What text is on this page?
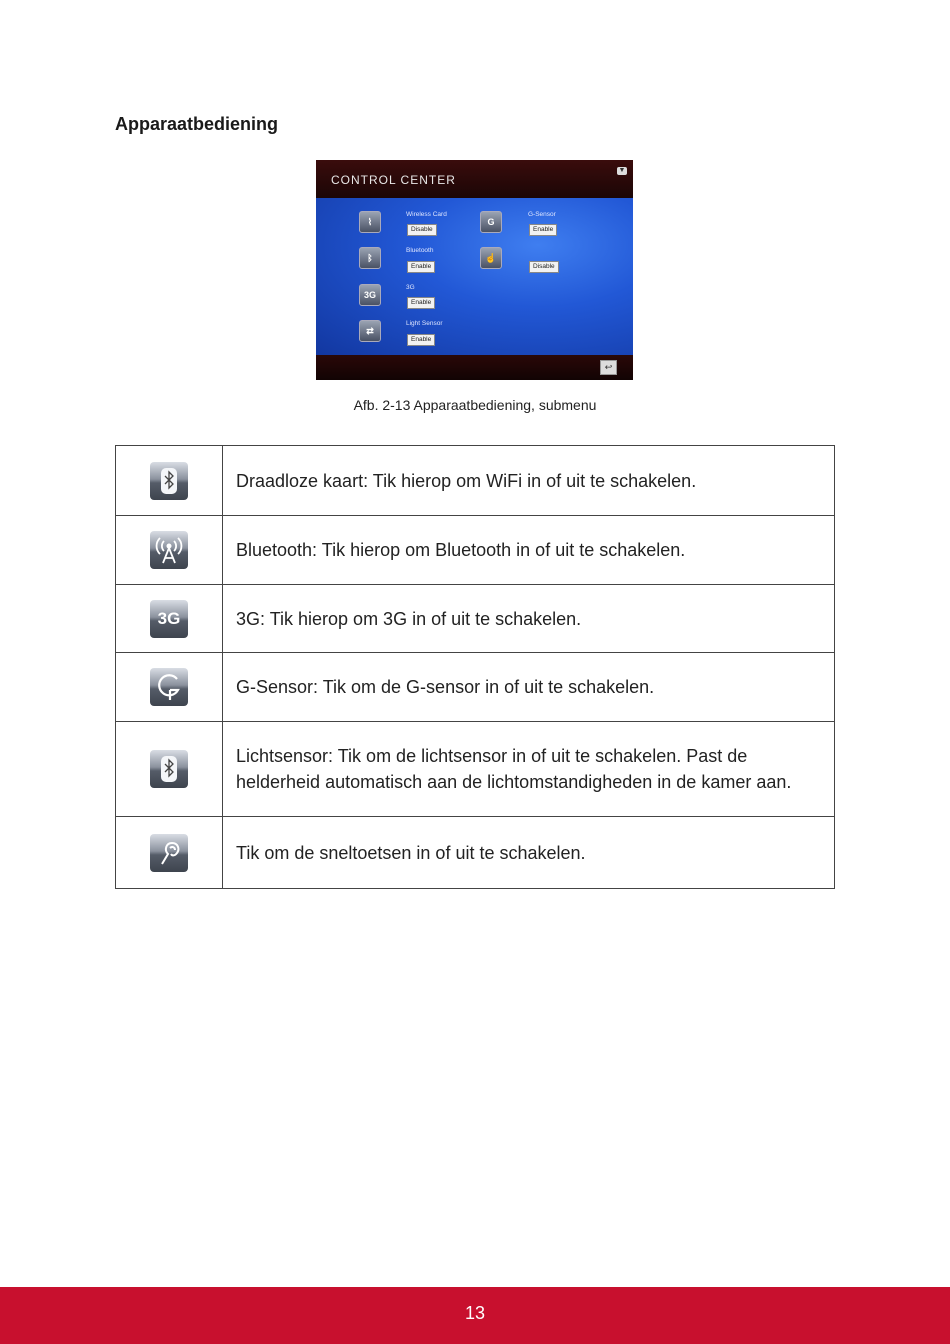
Apparaatbediening
CONTROL CENTER
▼
⌇
Wireless Card
Disable
ᛒ
Bluetooth
Enable
3G
3G
Enable
⇄
Light Sensor
Enable
G
G-Sensor
Enable
☝
Disable
↩
Afb. 2-13 Apparaatbediening, submenu
	Draadloze kaart: Tik hierop om WiFi in of uit te schakelen.

	Bluetooth: Tik hierop om Bluetooth in of uit te schakelen.

3G	3G: Tik hierop om 3G in of uit te schakelen.

	G-Sensor: Tik om de G-sensor in of uit te schakelen.

	Lichtsensor: Tik om de lichtsensor in of uit te schakelen. Past de helderheid automatisch aan de lichtomstandigheden in de kamer aan.

	Tik om de sneltoetsen in of uit te schakelen.
13
